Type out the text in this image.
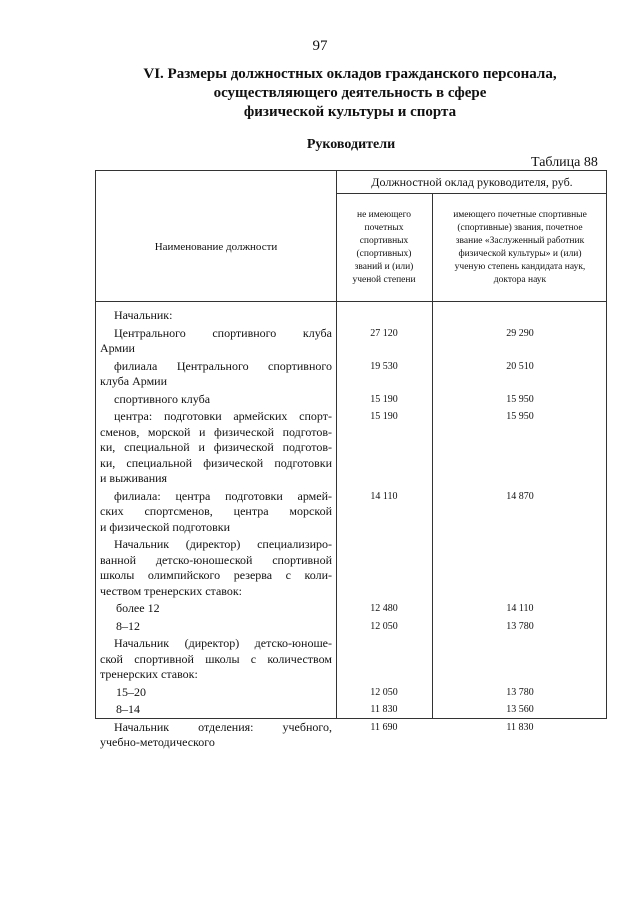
97
VI. Размеры должностных окладов гражданского персонала,
осуществляющего деятельность в сфере
физической культуры и спорта
Руководители
Таблица 88
Наименование должности
Должностной оклад руководителя, руб.
не имеющего
почетных
спортивных
(спортивных)
званий и (или)
ученой степени
имеющего почетные спортивные
(спортивные) звания, почетное
звание «Заслуженный работник
физической культуры» и (или)
ученую степень кандидата наук,
доктора наук
Начальник:
Центрального спортивного клуба
Армии
27 120	29 290
филиала Центрального спортивного
клуба Армии
19 530	20 510
спортивного клуба	15 190	15 950
центра: подготовки армейских спорт-
сменов, морской и физической подготов-
ки, специальной и физической подготов-
ки, специальной физической подготовки
и выживания
15 190	15 950
филиала: центра подготовки армей-
ских спортсменов, центра морской
и физической подготовки
14 110	14 870
Начальник (директор) специализиро-
ванной детско-юношеской спортивной
школы олимпийского резерва с коли-
чеством тренерских ставок:
более 12	12 480	14 110
8–12	12 050	13 780
Начальник (директор) детско-юноше-
ской спортивной школы с количеством
тренерских ставок:
15–20	12 050	13 780
8–14	11 830	13 560
Начальник отделения: учебного,
учебно-методического
11 690	11 830
